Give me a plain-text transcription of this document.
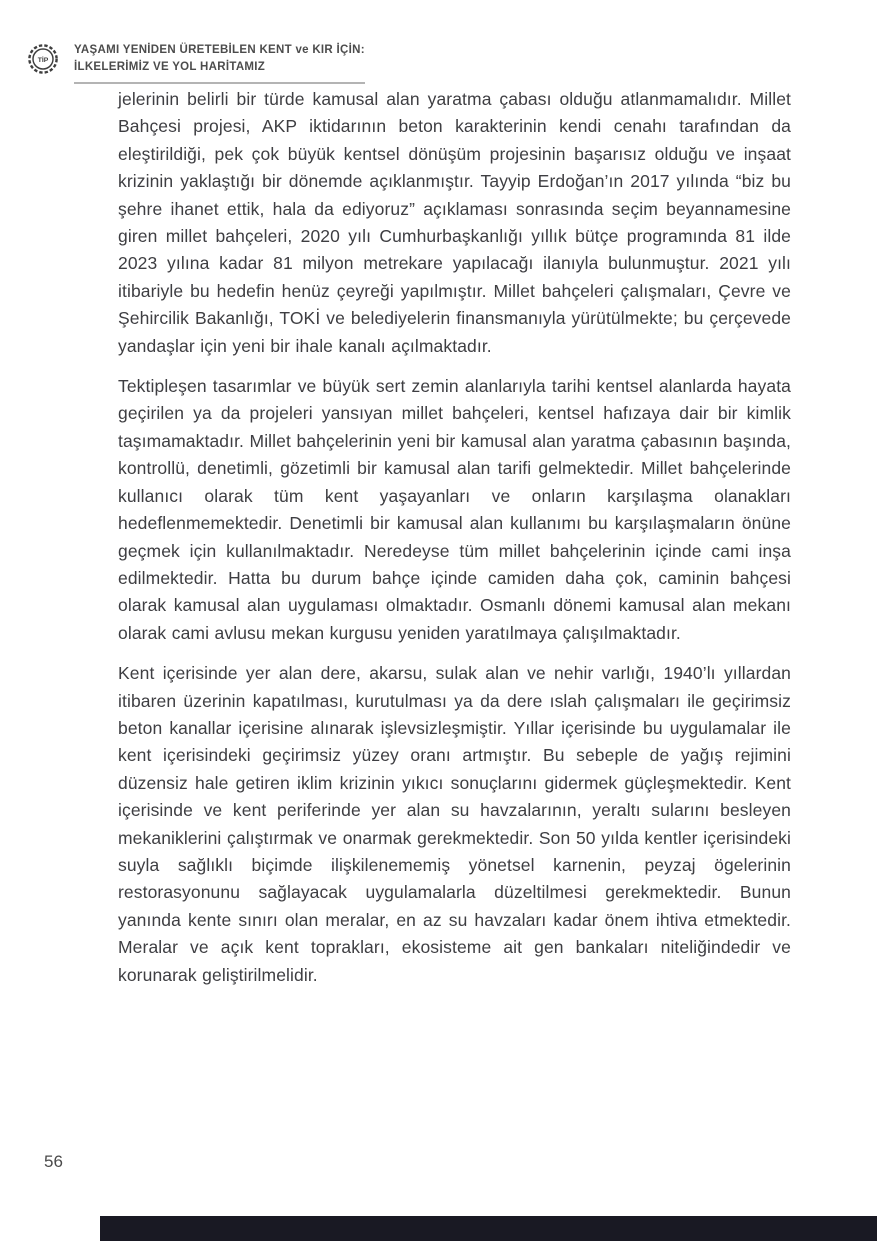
TİP
YAŞAMI YENİDEN ÜRETEBİLEN KENT ve KIR İÇİN:
İLKELERİMİZ VE YOL HARİTAMIZ

jelerinin belirli bir türde kamusal alan yaratma çabası olduğu atlanmamalıdır. Millet Bahçesi projesi, AKP iktidarının beton karakterinin kendi cenahı tarafından da eleştirildiği, pek çok büyük kentsel dönüşüm projesinin başarısız olduğu ve inşaat krizinin yaklaştığı bir dönemde açıklanmıştır. Tayyip Erdoğan’ın 2017 yılında “biz bu şehre ihanet ettik, hala da ediyoruz” açıklaması sonrasında seçim beyannamesine giren millet bahçeleri, 2020 yılı Cumhurbaşkanlığı yıllık bütçe programında 81 ilde 2023 yılına kadar 81 milyon metrekare yapılacağı ilanıyla bulunmuştur. 2021 yılı itibariyle bu hedefin henüz çeyreği yapılmıştır. Millet bahçeleri çalışmaları, Çevre ve Şehircilik Bakanlığı, TOKİ ve belediyelerin finansmanıyla yürütülmekte; bu çerçevede yandaşlar için yeni bir ihale kanalı açılmaktadır.

Tektipleşen tasarımlar ve büyük sert zemin alanlarıyla tarihi kentsel alanlarda hayata geçirilen ya da projeleri yansıyan millet bahçeleri, kentsel hafızaya dair bir kimlik taşımamaktadır. Millet bahçelerinin yeni bir kamusal alan yaratma çabasının başında, kontrollü, denetimli, gözetimli bir kamusal alan tarifi gelmektedir. Millet bahçelerinde kullanıcı olarak tüm kent yaşayanları ve onların karşılaşma olanakları hedeflenmemektedir. Denetimli bir kamusal alan kullanımı bu karşılaşmaların önüne geçmek için kullanılmaktadır. Neredeyse tüm millet bahçelerinin içinde cami inşa edilmektedir. Hatta bu durum bahçe içinde camiden daha çok, caminin bahçesi olarak kamusal alan uygulaması olmaktadır. Osmanlı dönemi kamusal alan mekanı olarak cami avlusu mekan kurgusu yeniden yaratılmaya çalışılmaktadır.

Kent içerisinde yer alan dere, akarsu, sulak alan ve nehir varlığı, 1940’lı yıllardan itibaren üzerinin kapatılması, kurutulması ya da dere ıslah çalışmaları ile geçirimsiz beton kanallar içerisine alınarak işlevsizleşmiştir. Yıllar içerisinde bu uygulamalar ile kent içerisindeki geçirimsiz yüzey oranı artmıştır. Bu sebeple de yağış rejimini düzensiz hale getiren iklim krizinin yıkıcı sonuçlarını gidermek güçleşmektedir. Kent içerisinde ve kent periferinde yer alan su havzalarının, yeraltı sularını besleyen mekaniklerini çalıştırmak ve onarmak gerekmektedir. Son 50 yılda kentler içerisindeki suyla sağlıklı biçimde ilişkilenememiş yönetsel karnenin, peyzaj ögelerinin restorasyonunu sağlayacak uygulamalarla düzeltilmesi gerekmektedir. Bunun yanında kente sınırı olan meralar, en az su havzaları kadar önem ihtiva etmektedir. Meralar ve açık kent toprakları, ekosisteme ait gen bankaları niteliğindedir ve korunarak geliştirilmelidir.

56
